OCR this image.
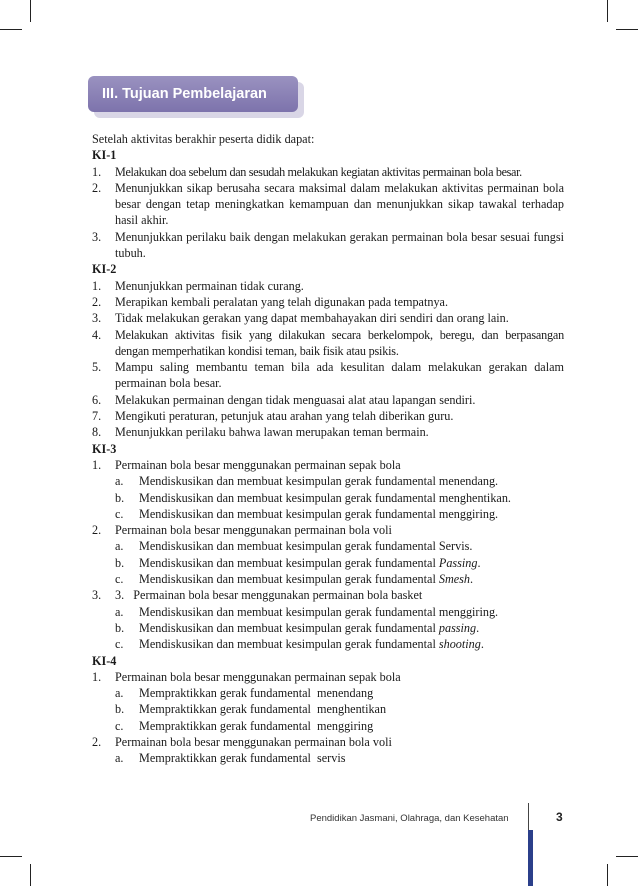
III. Tujuan Pembelajaran

Setelah aktivitas berakhir peserta didik dapat:

KI-1

1.	Melakukan doa sebelum dan sesudah melakukan kegiatan aktivitas permainan bola besar.
2.	Menunjukkan sikap berusaha secara maksimal dalam melakukan aktivitas permainan bola besar dengan tetap meningkatkan kemampuan dan menunjukkan sikap tawakal terhadap hasil akhir.
3.	Menunjukkan perilaku baik dengan melakukan gerakan permainan bola besar sesuai fungsi tubuh.

KI-2

1.	Menunjukkan permainan tidak curang.
2.	Merapikan kembali peralatan yang telah digunakan pada tempatnya.
3.	Tidak melakukan gerakan yang dapat membahayakan diri sendiri dan orang lain.
4.	Melakukan aktivitas fisik yang dilakukan secara berkelompok, beregu, dan berpasangan dengan memperhatikan kondisi teman, baik fisik atau psikis.
5.	Mampu saling membantu teman bila ada kesulitan dalam melakukan gerakan dalam permainan bola besar.
6.	Melakukan permainan dengan tidak menguasai alat atau lapangan sendiri.
7.	Mengikuti peraturan, petunjuk atau arahan yang telah diberikan guru.
8.	Menunjukkan perilaku bahwa lawan merupakan teman bermain.

KI-3

1.	Permainan bola besar menggunakan permainan sepak bola
a.	Mendiskusikan dan membuat kesimpulan gerak fundamental menendang.
b.	Mendiskusikan dan membuat kesimpulan gerak fundamental menghentikan.
c.	Mendiskusikan dan membuat kesimpulan gerak fundamental menggiring.
2.	Permainan bola besar menggunakan permainan bola voli
a.	Mendiskusikan dan membuat kesimpulan gerak fundamental Servis.
b.	Mendiskusikan dan membuat kesimpulan gerak fundamental Passing.
c.	Mendiskusikan dan membuat kesimpulan gerak fundamental Smesh.
3.	3.   Permainan bola besar menggunakan permainan bola basket
a.	Mendiskusikan dan membuat kesimpulan gerak fundamental menggiring.
b.	Mendiskusikan dan membuat kesimpulan gerak fundamental passing.
c.	Mendiskusikan dan membuat kesimpulan gerak fundamental shooting.

KI-4

1.	Permainan bola besar menggunakan permainan sepak bola
a.	Mempraktikkan gerak fundamental  menendang
b.	Mempraktikkan gerak fundamental  menghentikan
c.	Mempraktikkan gerak fundamental  menggiring
2.	Permainan bola besar menggunakan permainan bola voli
a.	Mempraktikkan gerak fundamental  servis
Pendidikan Jasmani, Olahraga, dan Kesehatan	3
